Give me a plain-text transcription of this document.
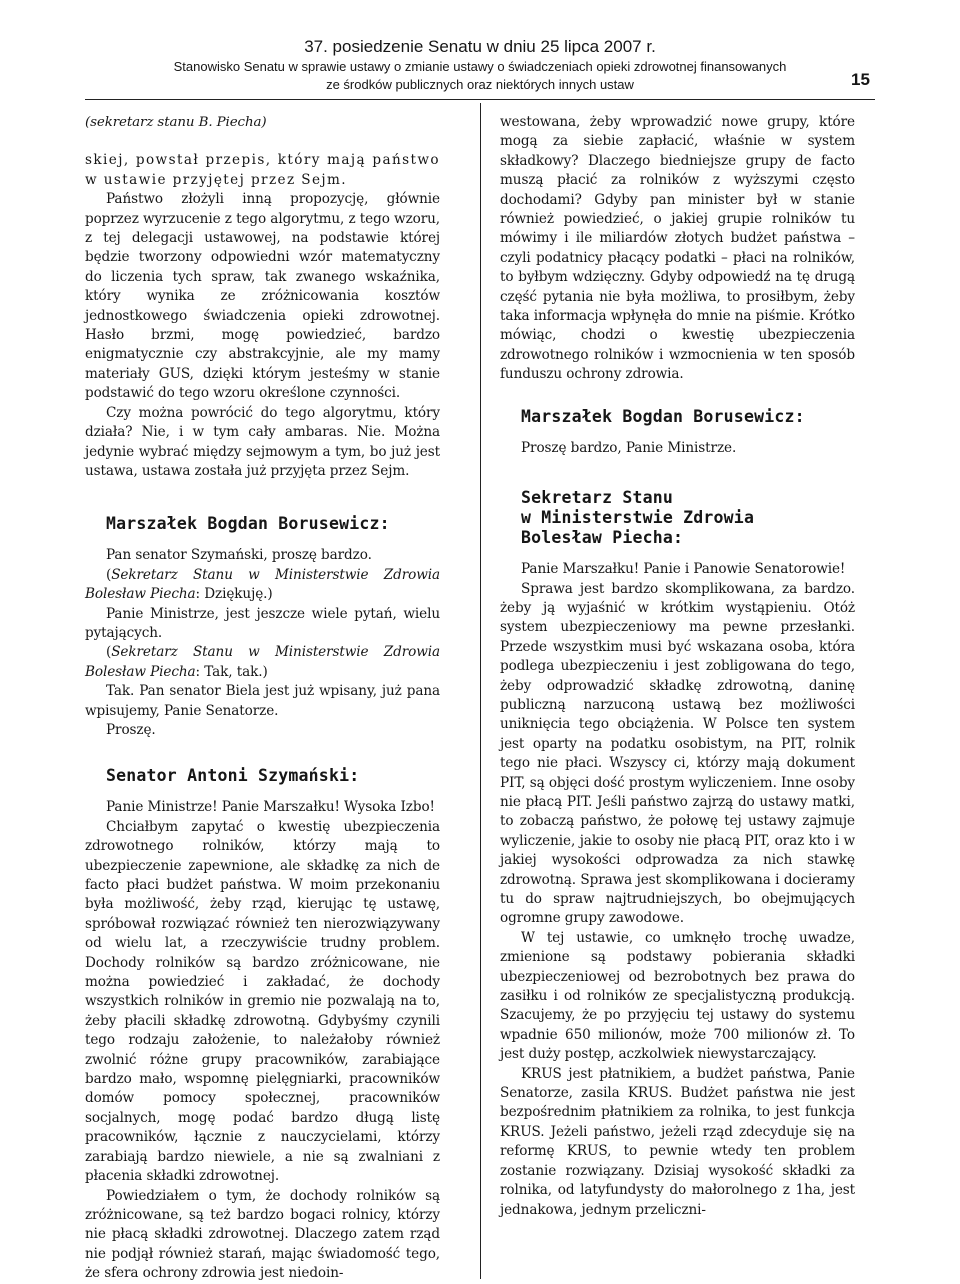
37. posiedzenie Senatu w dniu 25 lipca 2007 r.
Stanowisko Senatu w sprawie ustawy o zmianie ustawy o świadczeniach opieki zdrowotnej finansowanych
ze środków publicznych oraz niektórych innych ustaw	15

(sekretarz stanu B. Piecha)

skiej, powstał przepis, który mają państwo w ustawie przyjętej przez Sejm.

Państwo złożyli inną propozycję, głównie poprzez wyrzucenie z tego algorytmu, z tego wzoru, z tej delegacji ustawowej, na podstawie której będzie tworzony odpowiedni wzór matematyczny do liczenia tych spraw, tak zwanego wskaźnika, który wynika ze zróżnicowania kosztów jednostkowego świadczenia opieki zdrowotnej. Hasło brzmi, mogę powiedzieć, bardzo enigmatycznie czy abstrakcyjnie, ale my mamy materiały GUS, dzięki którym jesteśmy w stanie podstawić do tego wzoru określone czynności.

Czy można powrócić do tego algorytmu, który działa? Nie, i w tym cały ambaras. Nie. Można jedynie wybrać między sejmowym a tym, bo już jest ustawa, ustawa została już przyjęta przez Sejm.

Marszałek Bogdan Borusewicz:

Pan senator Szymański, proszę bardzo.

(Sekretarz Stanu w Ministerstwie Zdrowia Bolesław Piecha: Dziękuję.)

Panie Ministrze, jest jeszcze wiele pytań, wielu pytających.

(Sekretarz Stanu w Ministerstwie Zdrowia Bolesław Piecha: Tak, tak.)

Tak. Pan senator Biela jest już wpisany, już pana wpisujemy, Panie Senatorze.

Proszę.

Senator Antoni Szymański:

Panie Ministrze! Panie Marszałku! Wysoka Izbo!

Chciałbym zapytać o kwestię ubezpieczenia zdrowotnego rolników, którzy mają to ubezpieczenie zapewnione, ale składkę za nich de facto płaci budżet państwa. W moim przekonaniu była możliwość, żeby rząd, kierując tę ustawę, spróbował rozwiązać również ten nierozwiązywany od wielu lat, a rzeczywiście trudny problem. Dochody rolników są bardzo zróżnicowane, nie można powiedzieć i zakładać, że dochody wszystkich rolników in gremio nie pozwalają na to, żeby płacili składkę zdrowotną. Gdybyśmy czynili tego rodzaju założenie, to należałoby również zwolnić różne grupy pracowników, zarabiające bardzo mało, wspomnę pielęgniarki, pracowników domów pomocy społecznej, pracowników socjalnych, mogę podać bardzo długą listę pracowników, łącznie z nauczycielami, którzy zarabiają bardzo niewiele, a nie są zwalniani z płacenia składki zdrowotnej.

Powiedziałem o tym, że dochody rolników są zróżnicowane, są też bardzo bogaci rolnicy, którzy nie płacą składki zdrowotnej. Dlaczego zatem rząd nie podjął również starań, mając świadomość tego, że sfera ochrony zdrowia jest niedoin-

westowana, żeby wprowadzić nowe grupy, które mogą za siebie zapłacić, właśnie w system składkowy? Dlaczego biedniejsze grupy de facto muszą płacić za rolników z wyższymi często dochodami? Gdyby pan minister był w stanie również powiedzieć, o jakiej grupie rolników tu mówimy i ile miliardów złotych budżet państwa – czyli podatnicy płacący podatki – płaci na rolników, to byłbym wdzięczny. Gdyby odpowiedź na tę drugą część pytania nie była możliwa, to prosiłbym, żeby taka informacja wpłynęła do mnie na piśmie. Krótko mówiąc, chodzi o kwestię ubezpieczenia zdrowotnego rolników i wzmocnienia w ten sposób funduszu ochrony zdrowia.

Marszałek Bogdan Borusewicz:

Proszę bardzo, Panie Ministrze.

Sekretarz Stanu
w Ministerstwie Zdrowia
Bolesław Piecha:

Panie Marszałku! Panie i Panowie Senatorowie!

Sprawa jest bardzo skomplikowana, za bardzo. żeby ją wyjaśnić w krótkim wystąpieniu. Otóż system ubezpieczeniowy ma pewne przesłanki. Przede wszystkim musi być wskazana osoba, która podlega ubezpieczeniu i jest zobligowana do tego, żeby odprowadzić składkę zdrowotną, daninę publiczną narzuconą ustawą bez możliwości uniknięcia tego obciążenia. W Polsce ten system jest oparty na podatku osobistym, na PIT, rolnik tego nie płaci. Wszyscy ci, którzy mają dokument PIT, są objęci dość prostym wyliczeniem. Inne osoby nie płacą PIT. Jeśli państwo zajrzą do ustawy matki, to zobaczą państwo, że połowę tej ustawy zajmuje wyliczenie, jakie to osoby nie płacą PIT, oraz kto i w jakiej wysokości odprowadza za nich stawkę zdrowotną. Sprawa jest skomplikowana i docieramy tu do spraw najtrudniejszych, bo obejmujących ogromne grupy zawodowe.

W tej ustawie, co umknęło trochę uwadze, zmienione są podstawy pobierania składki ubezpieczeniowej od bezrobotnych bez prawa do zasiłku i od rolników ze specjalistyczną produkcją. Szacujemy, że po przyjęciu tej ustawy do systemu wpadnie 650 milionów, może 700 milionów zł. To jest duży postęp, aczkolwiek niewystarczający.

KRUS jest płatnikiem, a budżet państwa, Panie Senatorze, zasila KRUS. Budżet państwa nie jest bezpośrednim płatnikiem za rolnika, to jest funkcja KRUS. Jeżeli państwo, jeżeli rząd zdecyduje się na reformę KRUS, to pewnie wtedy ten problem zostanie rozwiązany. Dzisiaj wysokość składki za rolnika, od latyfundysty do małorolnego z 1ha, jest jednakowa, jednym przeliczni-
